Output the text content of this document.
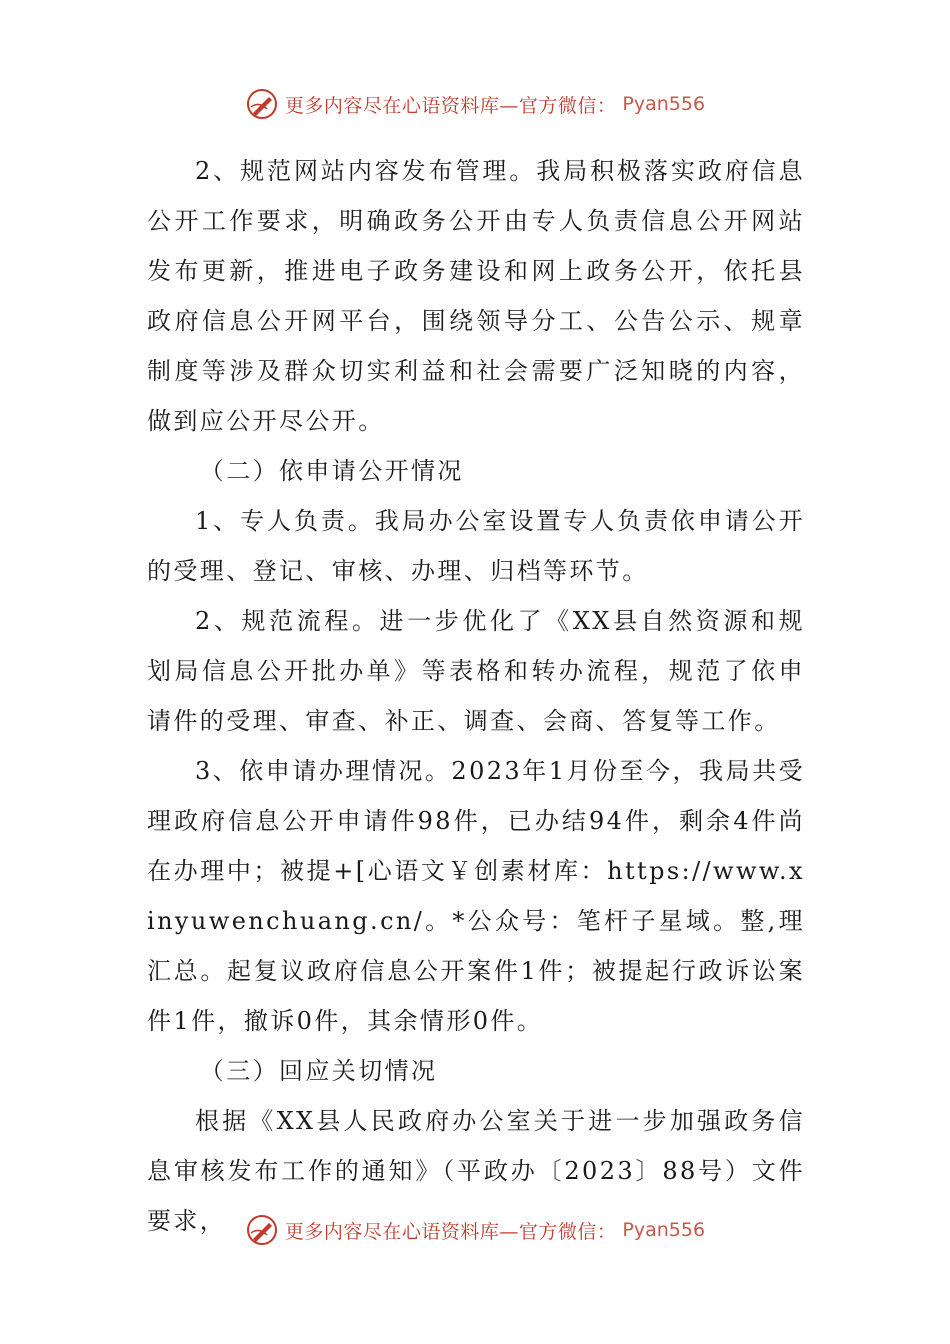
更多内容尽在心语资料库—官方微信： Pyan556

2、规范网站内容发布管理。我局积极落实政府信息公开工作要求，明确政务公开由专人负责信息公开网站发布更新，推进电子政务建设和网上政务公开，依托县政府信息公开网平台，围绕领导分工、公告公示、规章制度等涉及群众切实利益和社会需要广泛知晓的内容，做到应公开尽公开。

（二）依申请公开情况

1、专人负责。我局办公室设置专人负责依申请公开的受理、登记、审核、办理、归档等环节。

2、规范流程。进一步优化了《XX县自然资源和规划局信息公开批办单》等表格和转办流程，规范了依申请件的受理、审查、补正、调查、会商、答复等工作。

3、依申请办理情况。2023年1月份至今，我局共受理政府信息公开申请件98件，已办结94件，剩余4件尚在办理中；被提+[心语文￥创素材库：https://www.xinyuwenchuang.cn/。*公众号：笔杆子星域。整,理汇总。起复议政府信息公开案件1件；被提起行政诉讼案件1件，撤诉0件，其余情形0件。

（三）回应关切情况

根据《XX县人民政府办公室关于进一步加强政务信息审核发布工作的通知》（平政办〔2023〕88号）文件要求，	更多内容尽在心语资料库—官方微信： Pyan556
